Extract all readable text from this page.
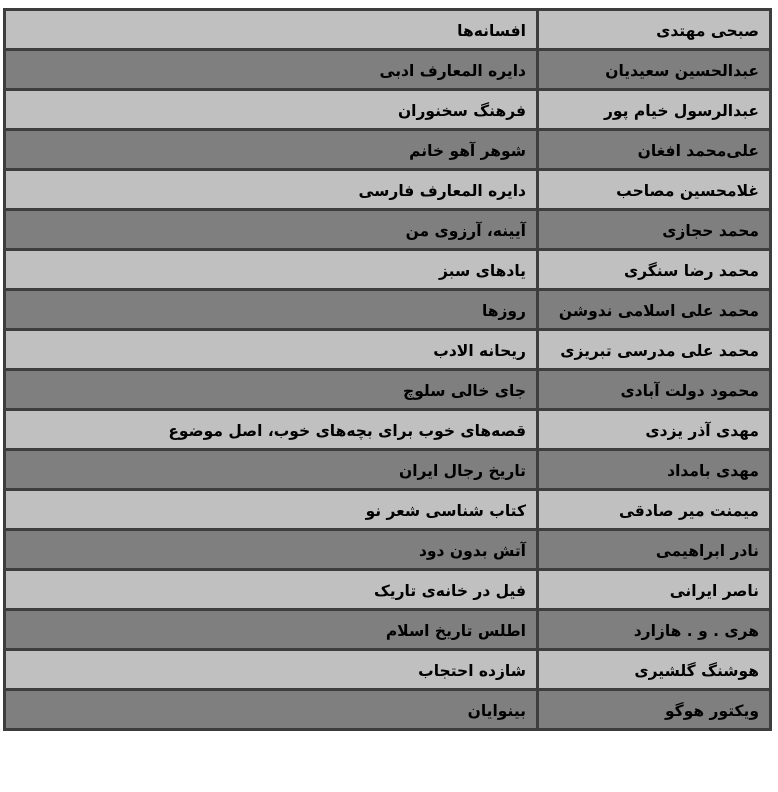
صبحی مهتدی	افسانه‌ها
عبدالحسین سعیدیان	دایره المعارف ادبی
عبدالرسول خیام پور	فرهنگ سخنوران
علی‌محمد افغان	شوهر آهو خانم
غلامحسین مصاحب	دایره المعارف فارسی
محمد حجازی	آیینه، آرزوی من
محمد رضا سنگری	یادهای سبز
محمد علی اسلامی ندوشن	روزها
محمد علی مدرسی تبریزی	ریحانه الادب
محمود دولت آبادی	جای خالی سلوچ
مهدی آذر یزدی	قصه‌های خوب برای بچه‌های خوب، اصل موضوع
مهدی بامداد	تاریخ رجال ایران
میمنت میر صادقی	کتاب شناسی شعر نو
نادر ابراهیمی	آتش بدون دود
ناصر ایرانی	فیل در خانه‌ی تاریک
هری . و . هازارد	اطلس تاریخ اسلام
هوشنگ گلشیری	شازده احتجاب
ویکتور هوگو	بینوایان
